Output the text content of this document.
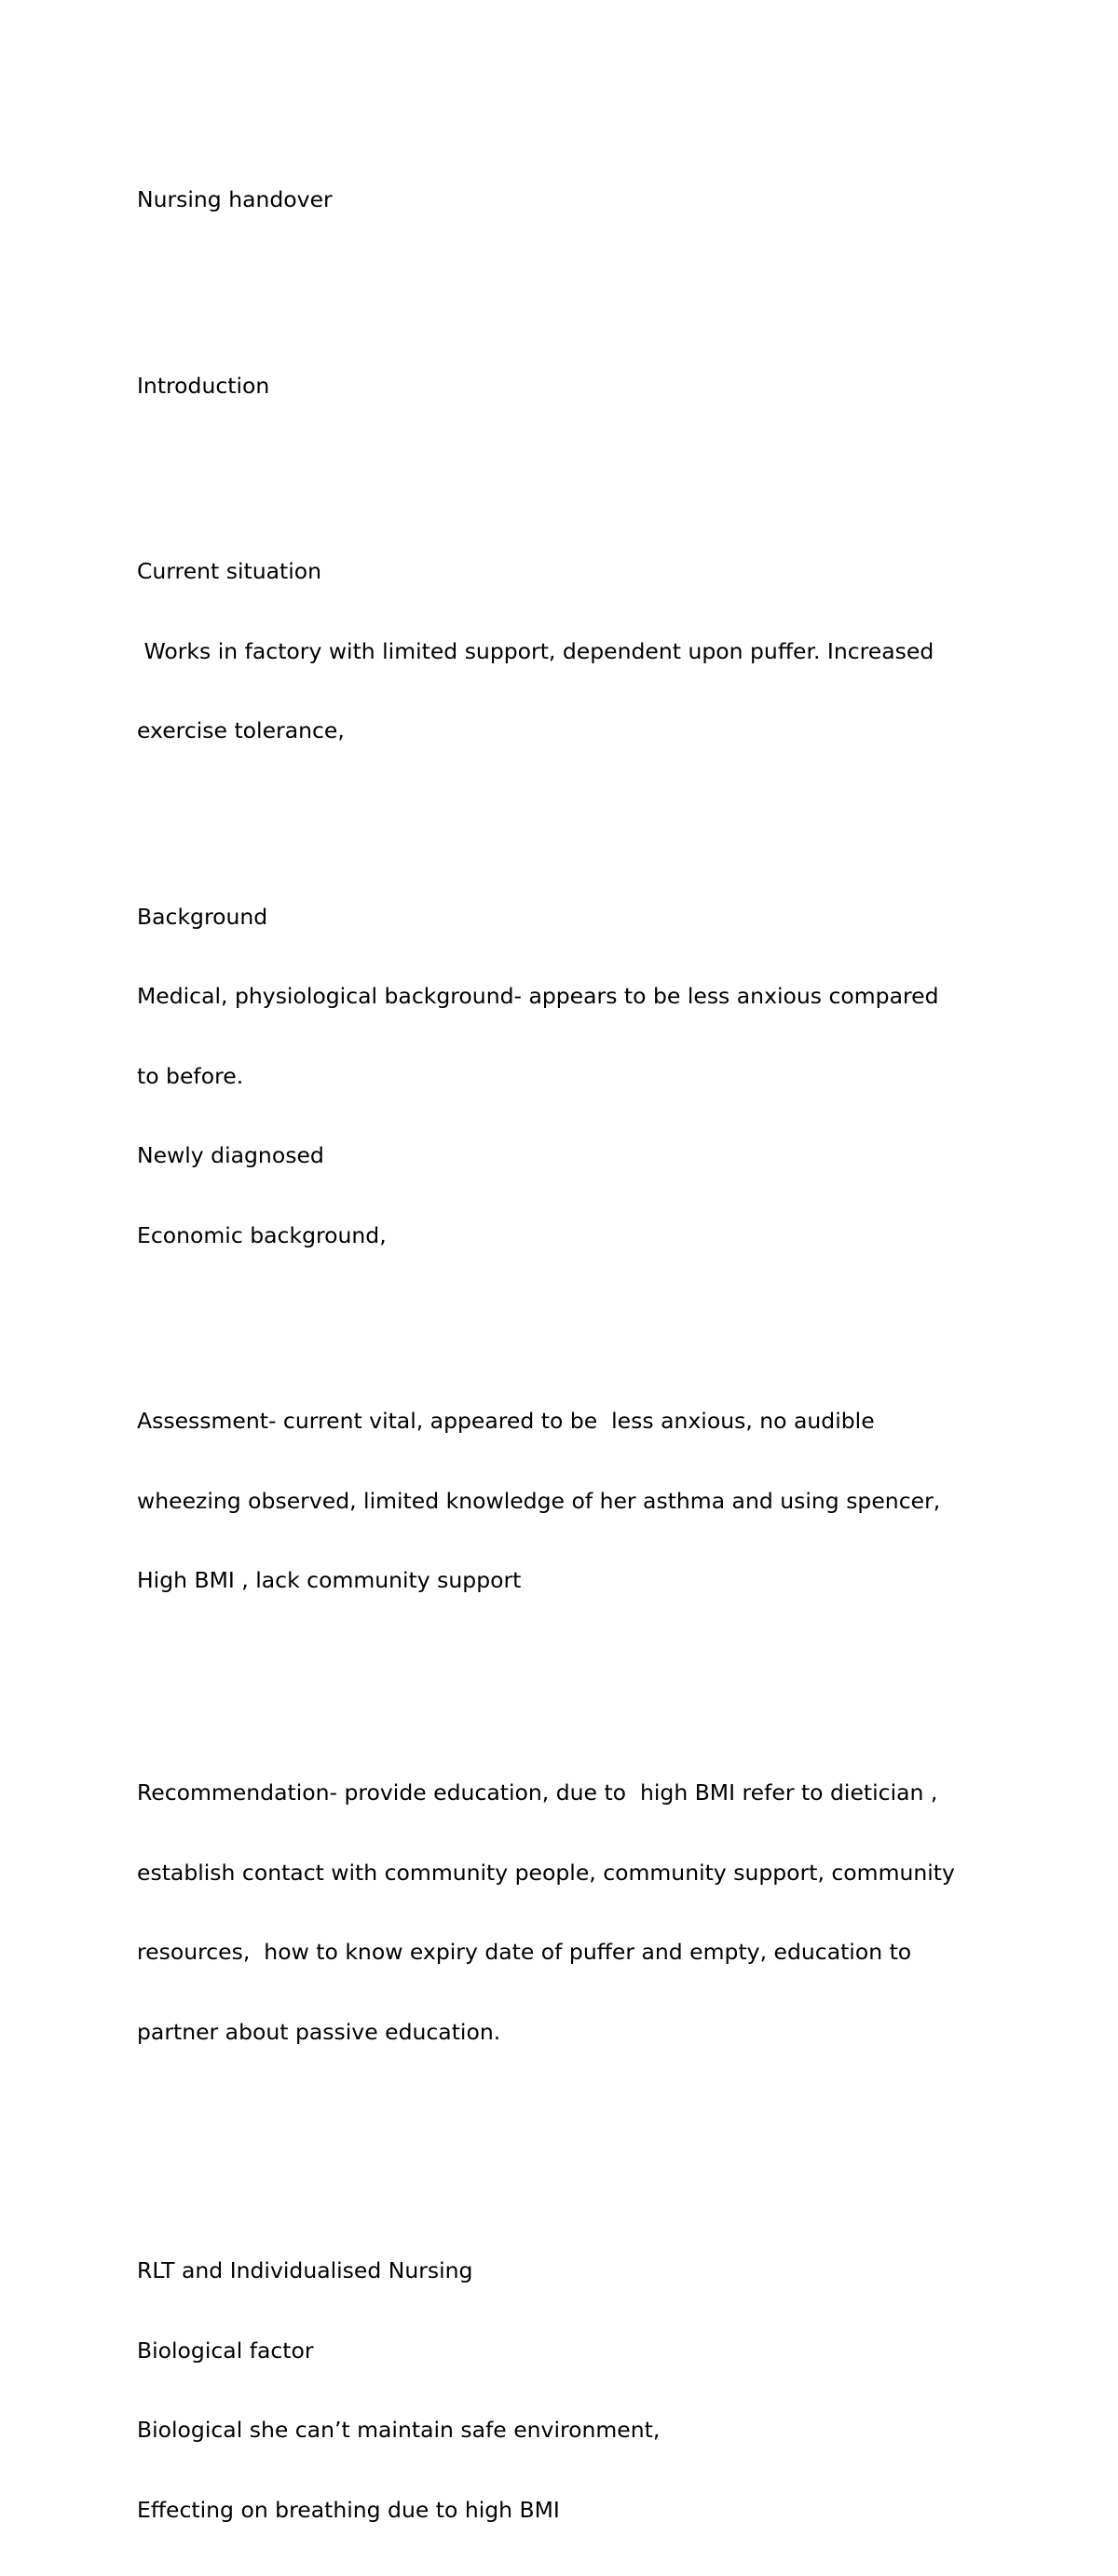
Nursing handover

Introduction

Current situation

Works in factory with limited support, dependent upon puffer. Increased

exercise tolerance,

Background

Medical, physiological background- appears to be less anxious compared

to before.

Newly diagnosed

Economic background,

Assessment- current vital, appeared to be  less anxious, no audible

wheezing observed, limited knowledge of her asthma and using spencer,

High BMI , lack community support

Recommendation- provide education, due to  high BMI refer to dietician ,

establish contact with community people, community support, community

resources,  how to know expiry date of puffer and empty, education to

partner about passive education.

RLT and Individualised Nursing

Biological factor

Biological she can’t maintain safe environment,

Effecting on breathing due to high BMI
